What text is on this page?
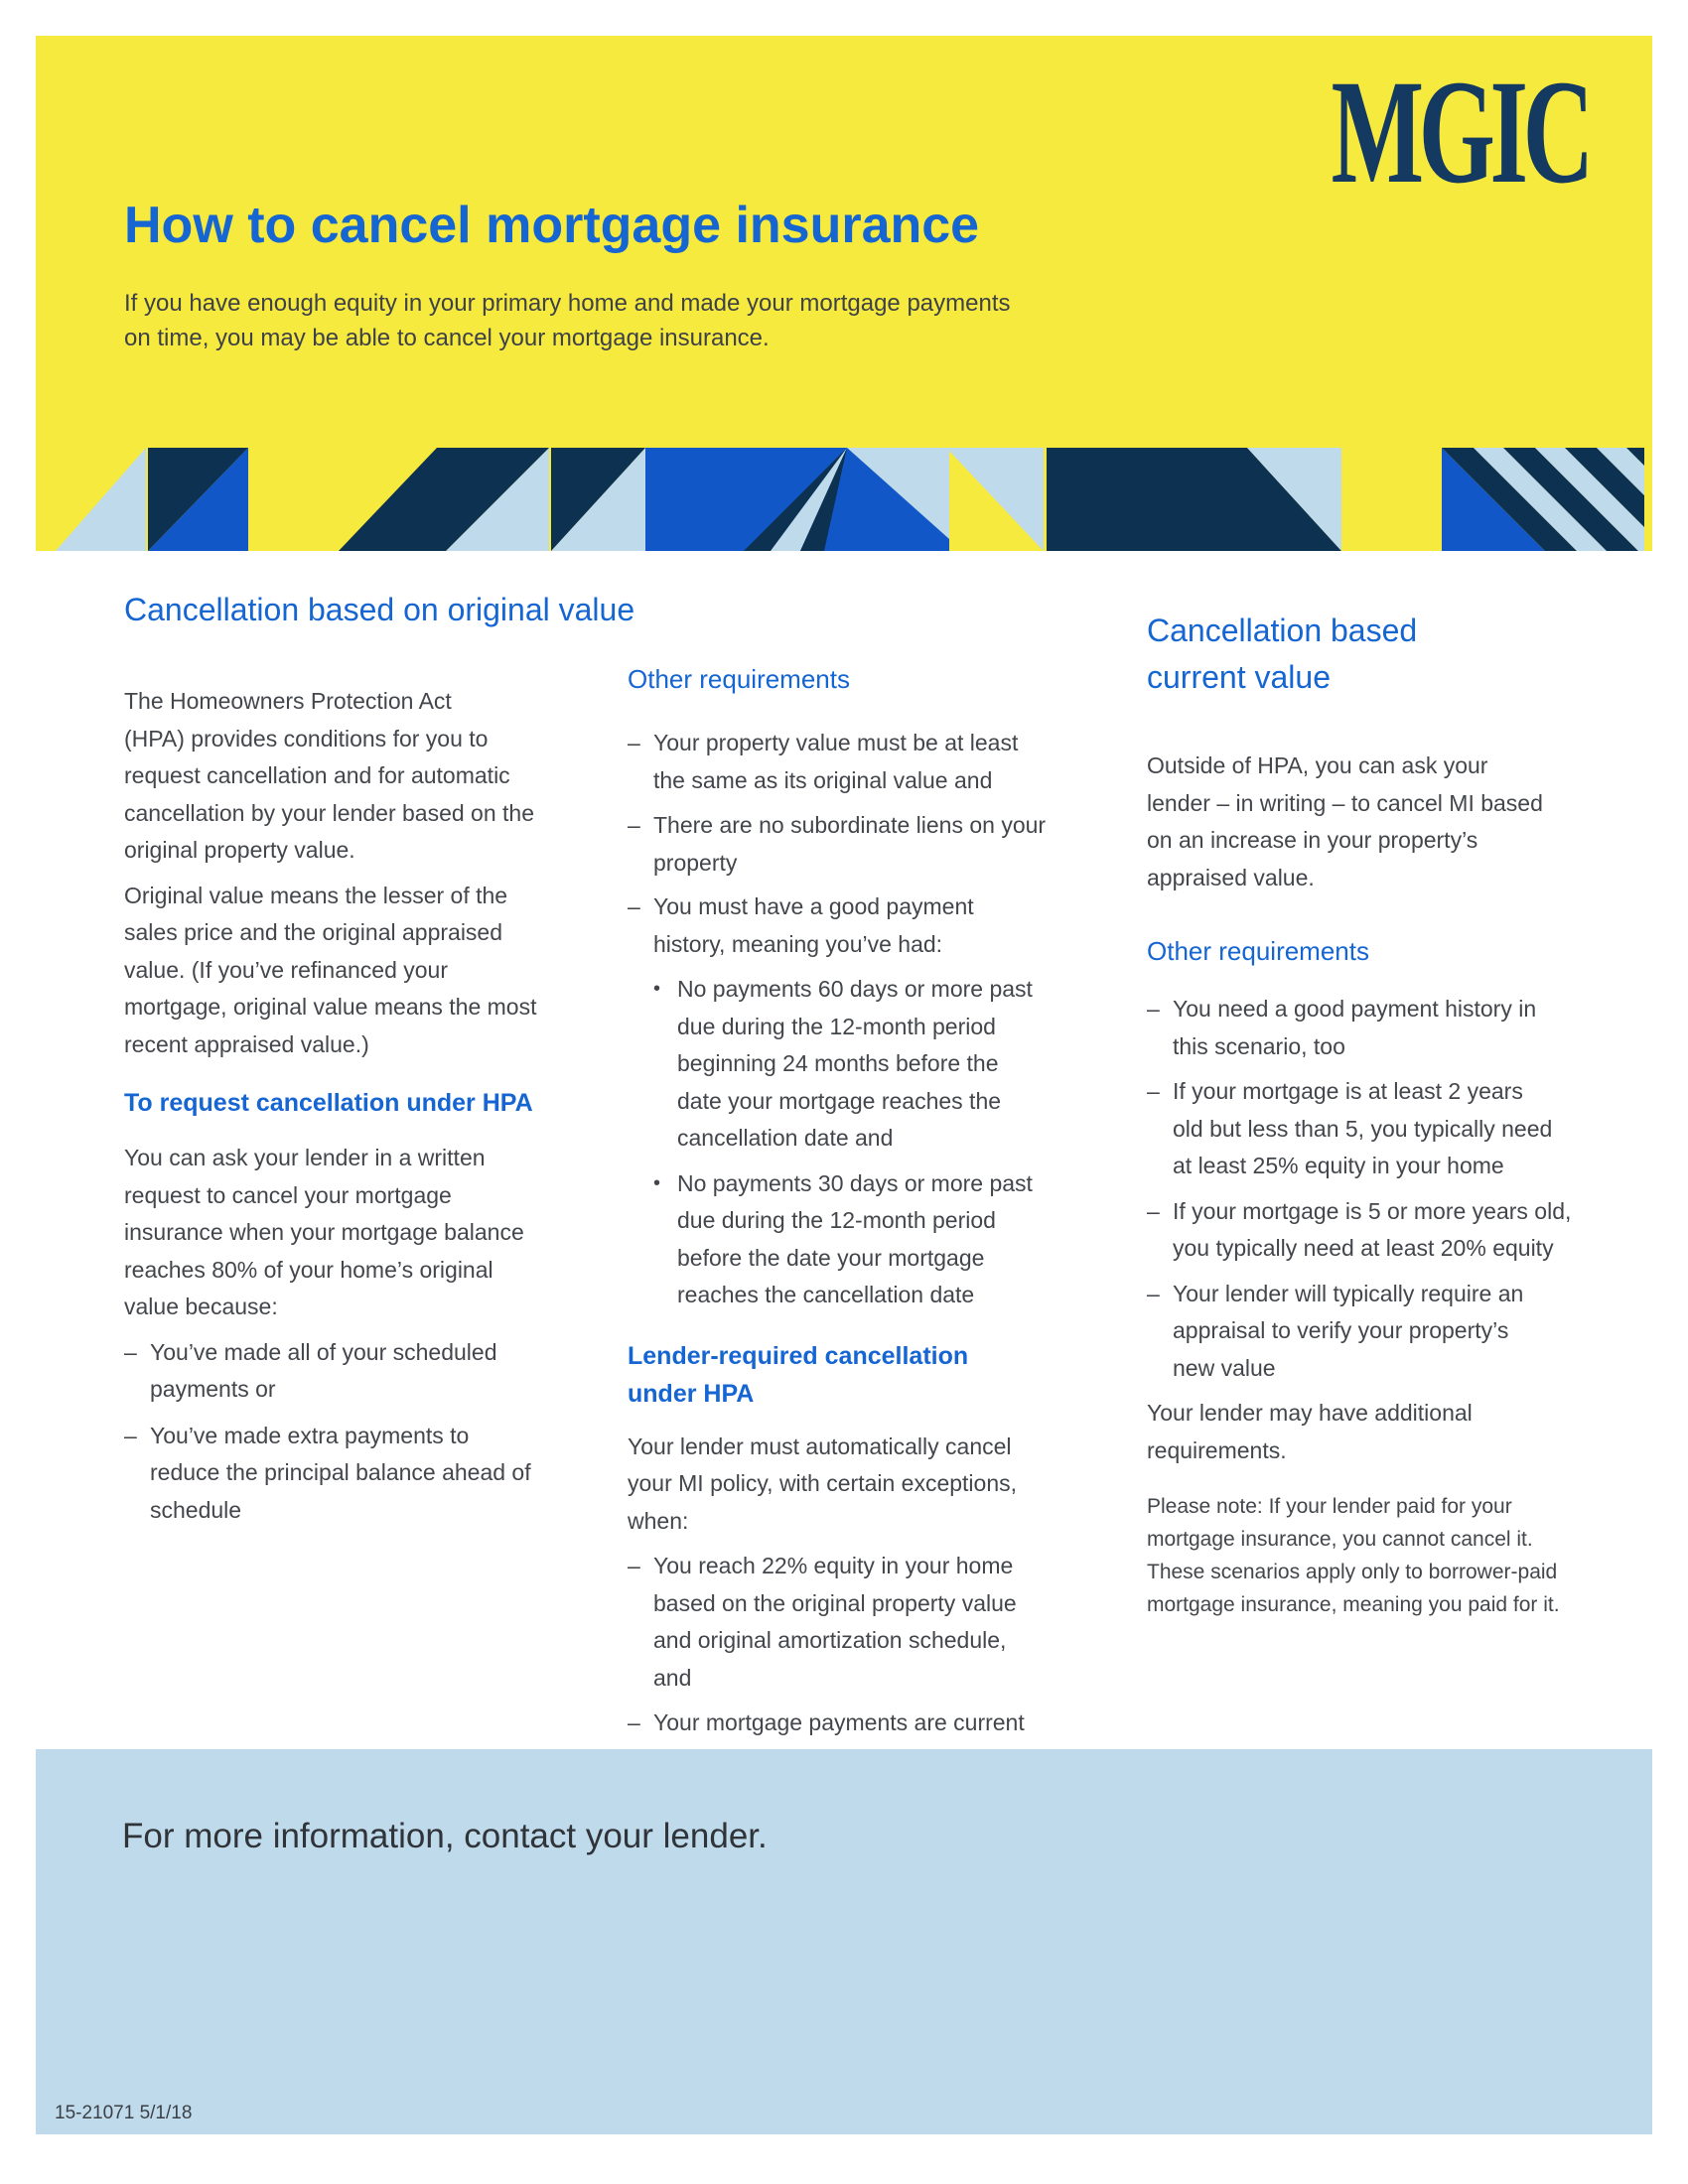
MGIC
How to cancel mortgage insurance
If you have enough equity in your primary home and made your mortgage payments
on time, you may be able to cancel your mortgage insurance.
Cancellation based on original value

The Homeowners Protection Act
(HPA) provides conditions for you to
request cancellation and for automatic
cancellation by your lender based on the
original property value.

Original value means the lesser of the
sales price and the original appraised
value. (If you’ve refinanced your
mortgage, original value means the most
recent appraised value.)

To request cancellation under HPA

You can ask your lender in a written
request to cancel your mortgage
insurance when your mortgage balance
reaches 80% of your home’s original
value because:

– You’ve made all of your scheduled
payments or
– You’ve made extra payments to
reduce the principal balance ahead of
schedule
Other requirements
– Your property value must be at least
the same as its original value and
– There are no subordinate liens on your
property
– You must have a good payment
history, meaning you’ve had:
• No payments 60 days or more past
due during the 12-month period
beginning 24 months before the
date your mortgage reaches the
cancellation date and
• No payments 30 days or more past
due during the 12-month period
before the date your mortgage
reaches the cancellation date
Lender-required cancellation
under HPA

Your lender must automatically cancel
your MI policy, with certain exceptions,
when:

– You reach 22% equity in your home
based on the original property value
and original amortization schedule,
and
– Your mortgage payments are current
Cancellation based
current value

Outside of HPA, you can ask your
lender – in writing – to cancel MI based
on an increase in your property’s
appraised value.

Other requirements
– You need a good payment history in
this scenario, too
– If your mortgage is at least 2 years
old but less than 5, you typically need
at least 25% equity in your home
– If your mortgage is 5 or more years old,
you typically need at least 20% equity
– Your lender will typically require an
appraisal to verify your property’s
new value

Your lender may have additional
requirements.

Please note: If your lender paid for your
mortgage insurance, you cannot cancel it.
These scenarios apply only to borrower-paid
mortgage insurance, meaning you paid for it.

For more information, contact your lender.
15-21071 5/1/18
